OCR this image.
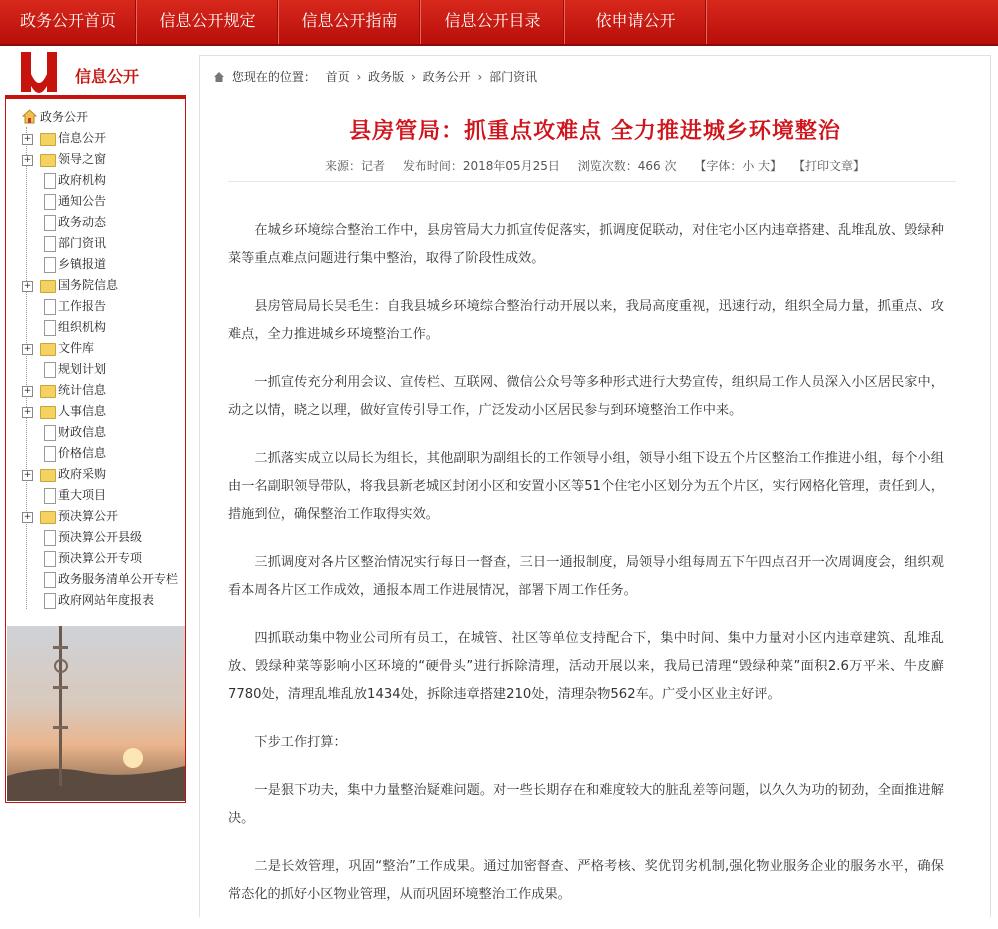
政务公开首页	信息公开规定	信息公开指南	信息公开目录	依申请公开
信息公开
政务公开
+ 信息公开
+ 领导之窗
政府机构
通知公告
政务动态
部门资讯
乡镇报道
+ 国务院信息
工作报告
组织机构
+ 文件库
规划计划
+ 统计信息
+ 人事信息
财政信息
价格信息
+ 政府采购
重大项目
+ 预决算公开
预决算公开县级
预决算公开专项
政务服务清单公开专栏
政府网站年度报表
您现在的位置： 首页 › 政务版 › 政务公开 › 部门资讯
县房管局：抓重点攻难点 全力推进城乡环境整治
来源：记者 发布时间：2018年05月25日 浏览次数：466 次 【字体：小 大】 【打印文章】

在城乡环境综合整治工作中，县房管局大力抓宣传促落实，抓调度促联动，对住宅小区内违章搭建、乱堆乱放、毁绿种菜等重点难点问题进行集中整治，取得了阶段性成效。

县房管局局长吴毛生：自我县城乡环境综合整治行动开展以来，我局高度重视，迅速行动，组织全局力量，抓重点、攻难点，全力推进城乡环境整治工作。

一抓宣传充分利用会议、宣传栏、互联网、微信公众号等多种形式进行大势宣传，组织局工作人员深入小区居民家中，动之以情，晓之以理，做好宣传引导工作，广泛发动小区居民参与到环境整治工作中来。

二抓落实成立以局长为组长，其他副职为副组长的工作领导小组，领导小组下设五个片区整治工作推进小组，每个小组由一名副职领导带队，将我县新老城区封闭小区和安置小区等51个住宅小区划分为五个片区，实行网格化管理，责任到人，措施到位，确保整治工作取得实效。

三抓调度对各片区整治情况实行每日一督查，三日一通报制度，局领导小组每周五下午四点召开一次周调度会，组织观看本周各片区工作成效，通报本周工作进展情况，部署下周工作任务。

四抓联动集中物业公司所有员工，在城管、社区等单位支持配合下，集中时间、集中力量对小区内违章建筑、乱堆乱放、毁绿种菜等影响小区环境的“硬骨头”进行拆除清理，活动开展以来，我局已清理“毁绿种菜”面积2.6万平米、牛皮廯7780处，清理乱堆乱放1434处，拆除违章搭建210处，清理杂物562车。广受小区业主好评。

下步工作打算：

一是狠下功夫，集中力量整治疑难问题。对一些长期存在和难度较大的脏乱差等问题，以久久为功的韧劲，全面推进解决。

二是长效管理，巩固“整治”工作成果。通过加密督查、严格考核、奖优罚劣机制,强化物业服务企业的服务水平，确保常态化的抓好小区物业管理，从而巩固环境整治工作成果。
